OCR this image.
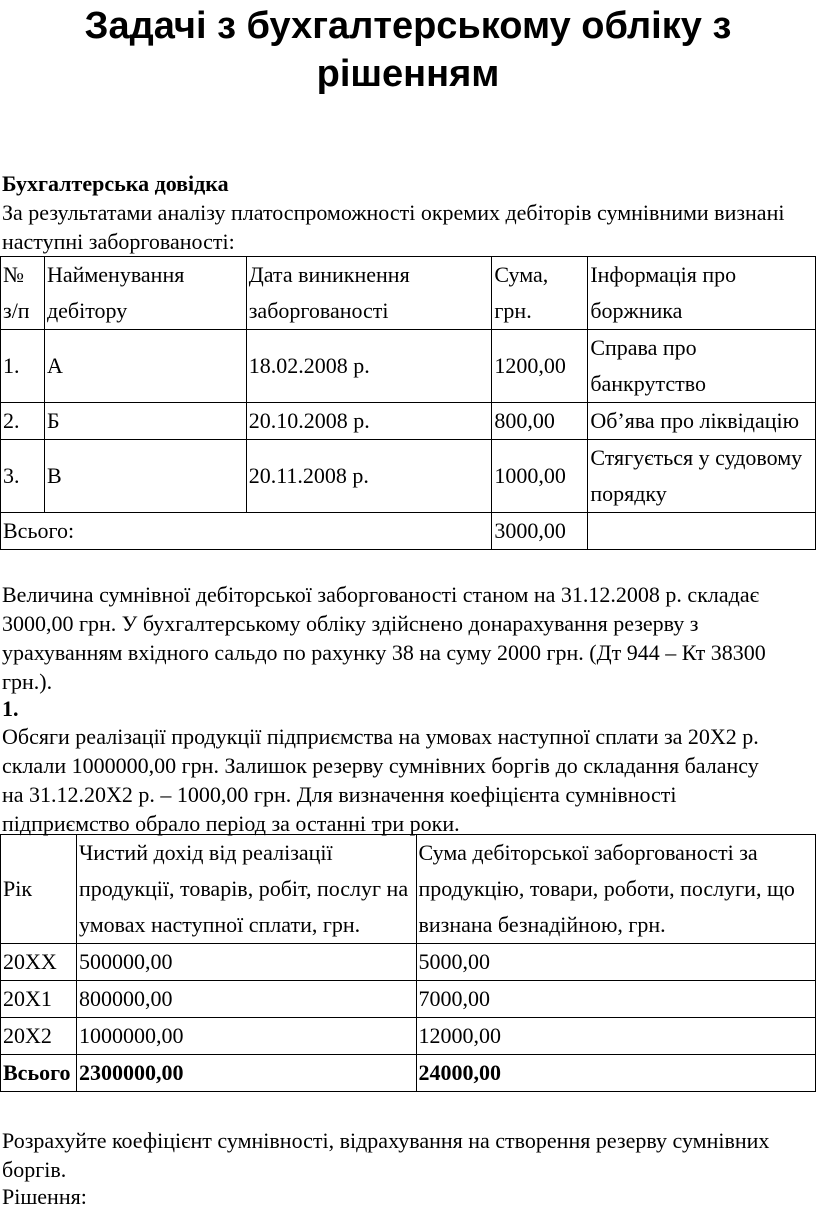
Задачі з бухгалтерському обліку з рішенням
Бухгалтерська довідка

За результатами аналізу платоспроможності окремих дебіторів сумнівними визнані наступні заборгованості:

№ з/п	Найменування дебітору	Дата виникнення заборгованості	Сума, грн.	Інформація про боржника
1.	А	18.02.2008 р.	1200,00	Справа про банкрутство
2.	Б	20.10.2008 р.	800,00	Об’ява про ліквідацію
3.	В	20.11.2008 р.	1000,00	Стягується у судовому порядку
Всього:			3000,00	

Величина сумнівної дебіторської заборгованості станом на 31.12.2008 р. складає 3000,00 грн. У бухгалтерському обліку здійснено донарахування резерву з урахуванням вхідного сальдо по рахунку 38 на суму 2000 грн. (Дт 944 – Кт 38300 грн.).

1.

Обсяги реалізації продукції підприємства на умовах наступної сплати за 20Х2 р. склали 1000000,00 грн. Залишок резерву сумнівних боргів до складання балансу на 31.12.20Х2 р. – 1000,00 грн. Для визначення коефіцієнта сумнівності підприємство обрало період за останні три роки.

Рік	Чистий дохід від реалізації продукції, товарів, робіт, послуг на умовах наступної сплати, грн.	Сума дебіторської заборгованості за продукцію, товари, роботи, послуги, що визнана безнадійною, грн.
20ХХ	500000,00	5000,00
20Х1	800000,00	7000,00
20Х2	1000000,00	12000,00
Всього	2300000,00	24000,00

Розрахуйте коефіцієнт сумнівності, відрахування на створення резерву сумнівних боргів.

Рішення:
